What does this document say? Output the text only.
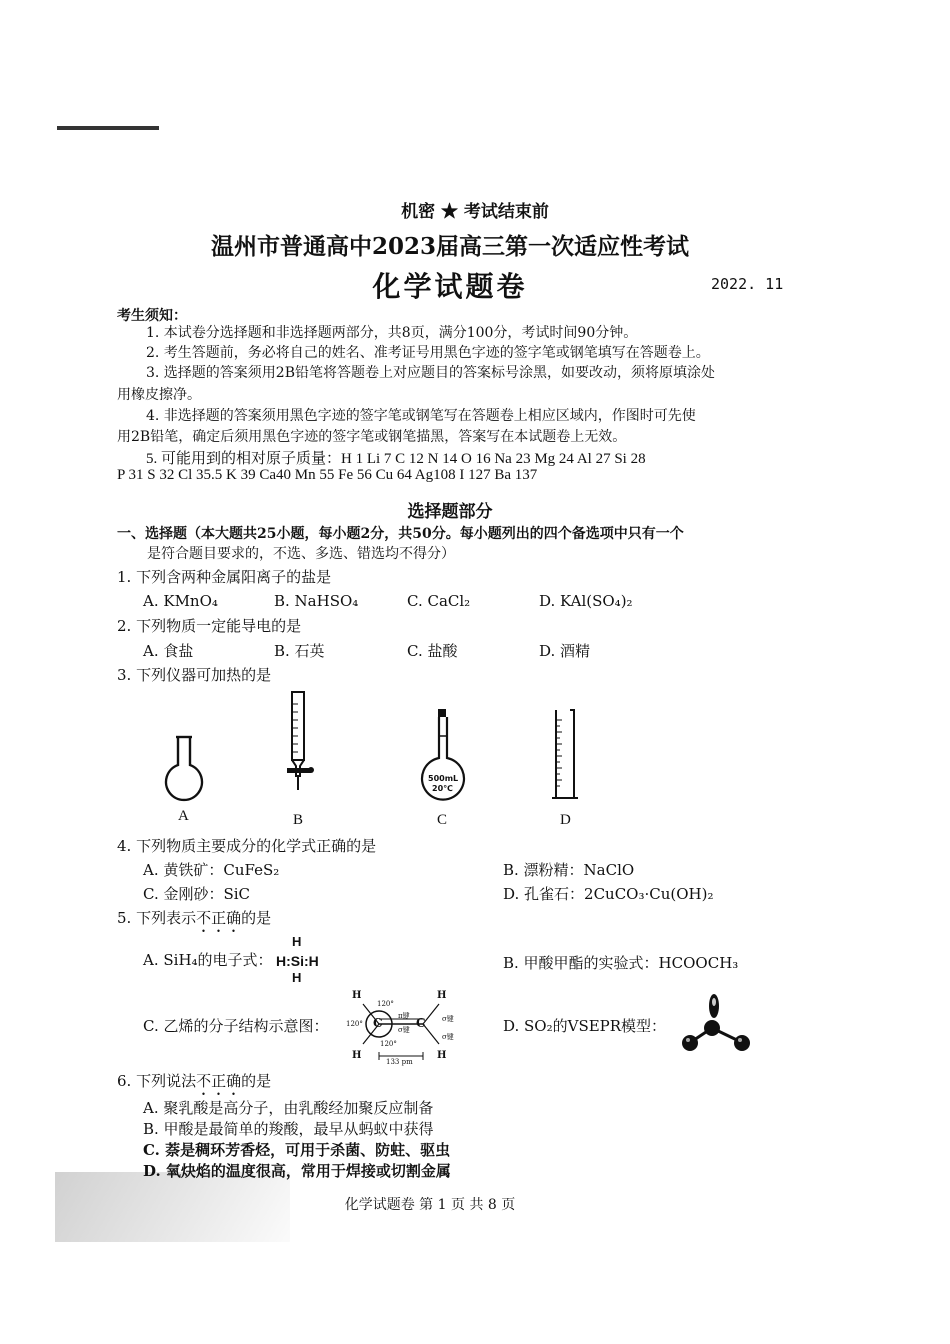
机密 ★ 考试结束前
温州市普通高中2023届高三第一次适应性考试
化学试题卷	2022. 11
考生须知：
1. 本试卷分选择题和非选择题两部分，共8页，满分100分，考试时间90分钟。
2. 考生答题前，务必将自己的姓名、准考证号用黑色字迹的签字笔或钢笔填写在答题卷上。
3. 选择题的答案须用2B铅笔将答题卷上对应题目的答案标号涂黑，如要改动，须将原填涂处
用橡皮擦净。
4. 非选择题的答案须用黑色字迹的签字笔或钢笔写在答题卷上相应区域内，作图时可先使
用2B铅笔，确定后须用黑色字迹的签字笔或钢笔描黑，答案写在本试题卷上无效。
5. 可能用到的相对原子质量：H 1 Li 7 C 12 N 14 O 16 Na 23 Mg 24 Al 27 Si 28
P 31 S 32 Cl 35.5 K 39 Ca40 Mn 55 Fe 56 Cu 64 Ag108 I 127 Ba 137
选择题部分
一、选择题（本大题共25小题，每小题2分，共50分。每小题列出的四个备选项中只有一个
是符合题目要求的，不选、多选、错选均不得分）
1. 下列含两种金属阳离子的盐是
A. KMnO₄	B. NaHSO₄	C. CaCl₂	D. KAl(SO₄)₂
2. 下列物质一定能导电的是
A. 食盐	B. 石英	C. 盐酸	D. 酒精
3. 下列仪器可加热的是
A	B
500mL
20℃
C	D
4. 下列物质主要成分的化学式正确的是
A. 黄铁矿：CuFeS₂	B. 漂粉精：NaClO
C. 金刚砂：SiC	D. 孔雀石：2CuCO₃·Cu(OH)₂
5. 下列表示不正确的是
A. SiH₄的电子式：
H
H:Si:H
H
B. 甲酸甲酯的实验式：HCOOCH₃
C. 乙烯的分子结构示意图：
H
H
H
H
C	C
120°
120°
120°
π键
σ键
σ键
σ键
133 pm
D. SO₂的VSEPR模型：
6. 下列说法不正确的是
A. 聚乳酸是高分子，由乳酸经加聚反应制备
B. 甲酸是最简单的羧酸，最早从蚂蚁中获得
C. 萘是稠环芳香烃，可用于杀菌、防蛀、驱虫
D. 氧炔焰的温度很高，常用于焊接或切割金属
化学试题卷 第 1 页 共 8 页
